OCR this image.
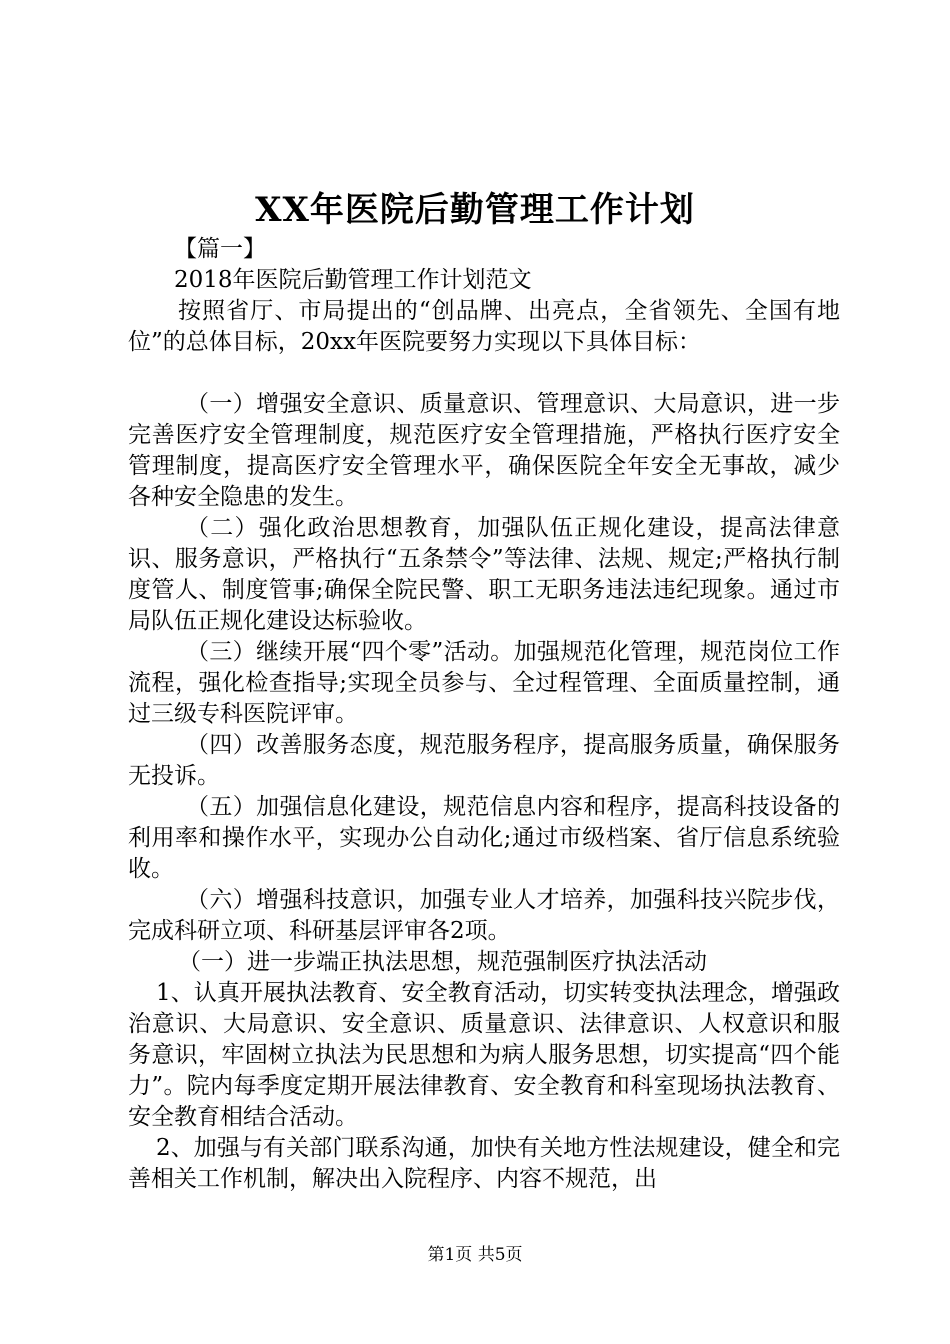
XX年医院后勤管理工作计划

【篇一】

2018年医院后勤管理工作计划范文

按照省厅、市局提出的“创品牌、出亮点，全省领先、全国有地位”的总体目标，20xx年医院要努力实现以下具体目标：

（一）增强安全意识、质量意识、管理意识、大局意识，进一步完善医疗安全管理制度，规范医疗安全管理措施，严格执行医疗安全管理制度，提高医疗安全管理水平，确保医院全年安全无事故，减少各种安全隐患的发生。

（二）强化政治思想教育，加强队伍正规化建设，提高法律意识、服务意识，严格执行“五条禁令”等法律、法规、规定;严格执行制度管人、制度管事;确保全院民警、职工无职务违法违纪现象。通过市局队伍正规化建设达标验收。

（三）继续开展“四个零”活动。加强规范化管理，规范岗位工作流程，强化检查指导;实现全员参与、全过程管理、全面质量控制，通过三级专科医院评审。

（四）改善服务态度，规范服务程序，提高服务质量，确保服务无投诉。

（五）加强信息化建设，规范信息内容和程序，提高科技设备的利用率和操作水平，实现办公自动化;通过市级档案、省厅信息系统验收。

（六）增强科技意识，加强专业人才培养，加强科技兴院步伐，完成科研立项、科研基层评审各2项。

（一）进一步端正执法思想，规范强制医疗执法活动

1、认真开展执法教育、安全教育活动，切实转变执法理念，增强政治意识、大局意识、安全意识、质量意识、法律意识、人权意识和服务意识，牢固树立执法为民思想和为病人服务思想，切实提高“四个能力”。院内每季度定期开展法律教育、安全教育和科室现场执法教育、安全教育相结合活动。

2、加强与有关部门联系沟通，加快有关地方性法规建设，健全和完善相关工作机制，解决出入院程序、内容不规范，出

第1页 共5页
